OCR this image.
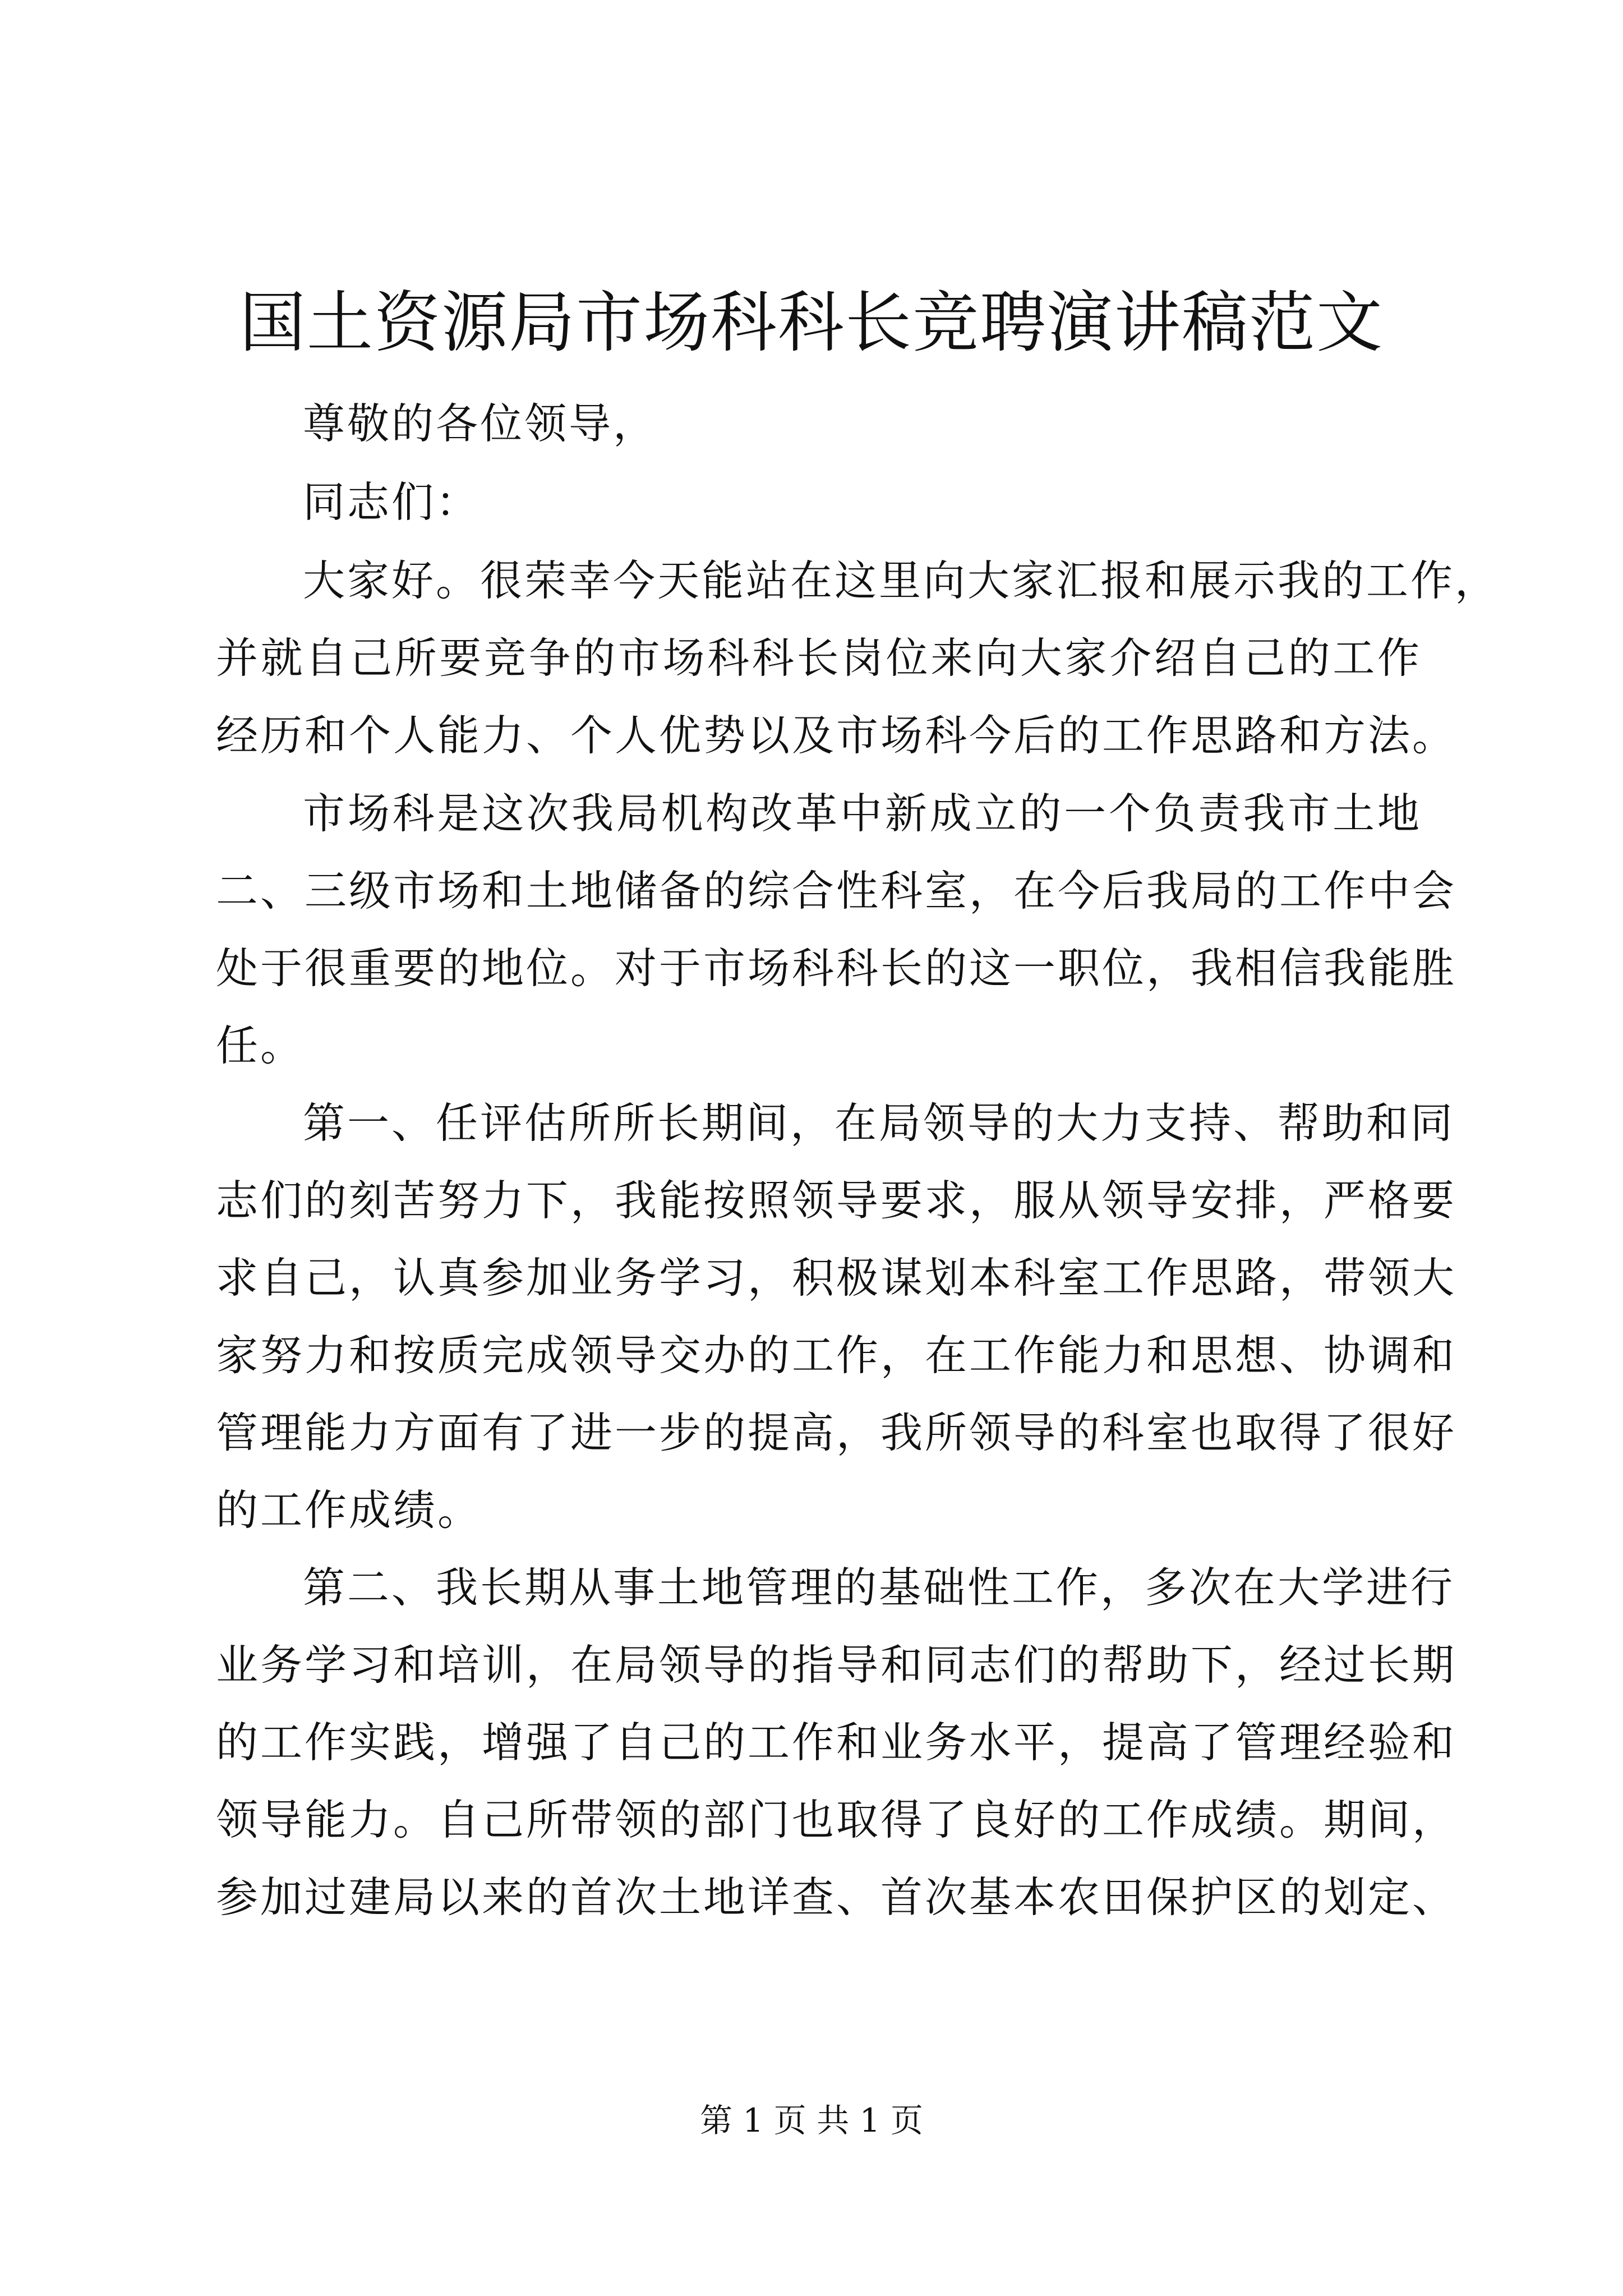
国土资源局市场科科长竞聘演讲稿范文
尊敬的各位领导，
同志们：
大家好。很荣幸今天能站在这里向大家汇报和展示我的工作，
并就自己所要竞争的市场科科长岗位来向大家介绍自己的工作
经历和个人能力、个人优势以及市场科今后的工作思路和方法。
市场科是这次我局机构改革中新成立的一个负责我市土地
二、三级市场和土地储备的综合性科室，在今后我局的工作中会
处于很重要的地位。对于市场科科长的这一职位，我相信我能胜
任。
第一、任评估所所长期间，在局领导的大力支持、帮助和同
志们的刻苦努力下，我能按照领导要求，服从领导安排，严格要
求自己，认真参加业务学习，积极谋划本科室工作思路，带领大
家努力和按质完成领导交办的工作，在工作能力和思想、协调和
管理能力方面有了进一步的提高，我所领导的科室也取得了很好
的工作成绩。
第二、我长期从事土地管理的基础性工作，多次在大学进行
业务学习和培训，在局领导的指导和同志们的帮助下，经过长期
的工作实践，增强了自己的工作和业务水平，提高了管理经验和
领导能力。自己所带领的部门也取得了良好的工作成绩。期间，
参加过建局以来的首次土地详查、首次基本农田保护区的划定、
第 1 页 共 1 页
